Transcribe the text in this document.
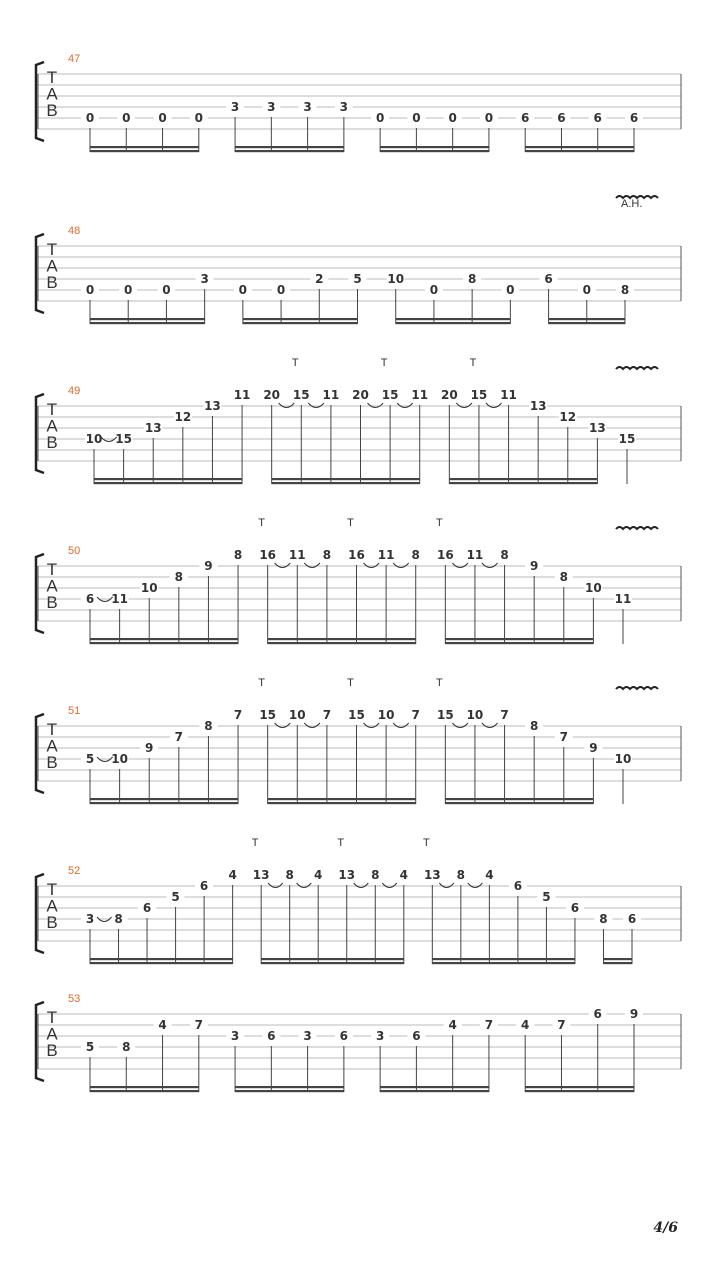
T
A
B
47
0 0 0 0
3 3 3 3
0 0 0 0 6 6 6 6
T
A
B
48
0 0 0
3
0 0
2 5 10
0
8
0
6
0 8
A.H.
T
A
B
49
10 15
13
12
13
11 20 15 11 20 15 11 20 15 11
13
12
13
15
T	T	T
T
A
B
50
6 11
10
8
9
8 16 11 8 16 11 8 16 11 8
9
8
10
11
T	T	T
T
A
B
51
5 10
9
7
8
7 15 10 7 15 10 7 15 10 7
8
7
9
10
T	T	T
T
A
B
52
3 8
6
5
6
4 13 8 4 13 8 4 13 8 4
6
5
6
8 6
T	T	T
T
A
B
53
5 8
4 7
3 6 3 6 3 6
4 7 4 7
6 9
4/6
